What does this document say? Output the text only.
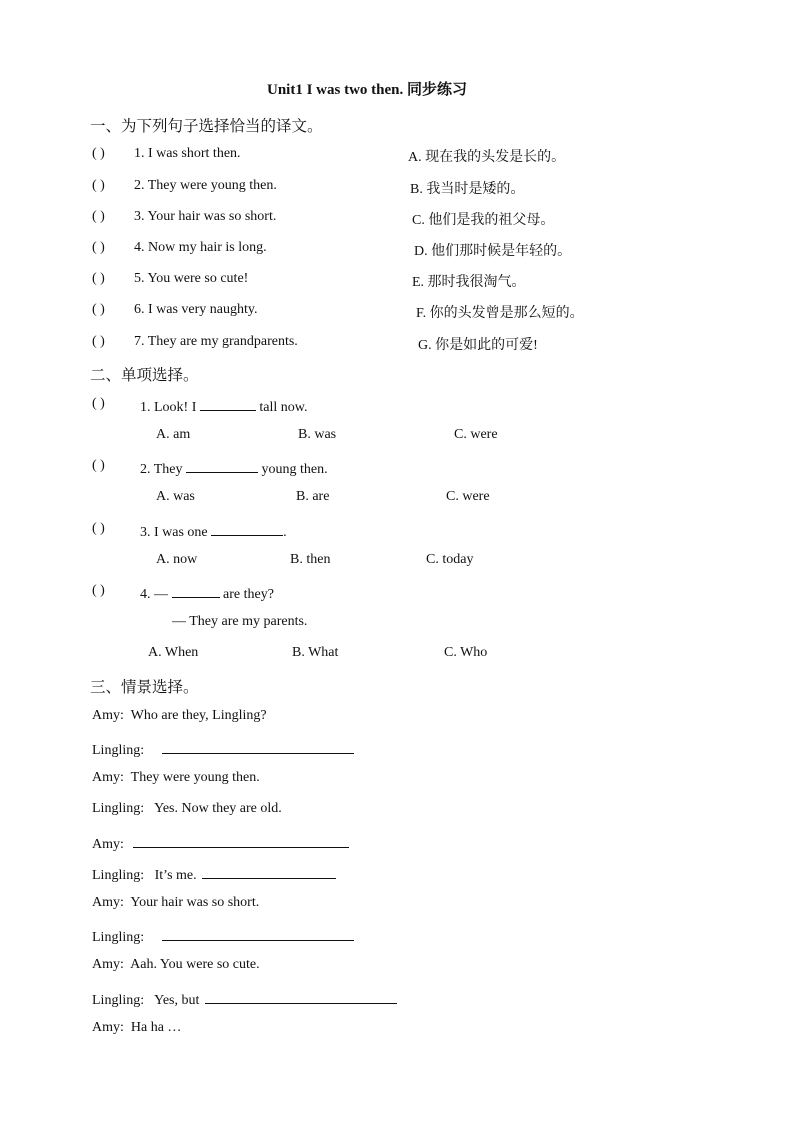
Unit1 I was two then. 同步练习
一、为下列句子选择恰当的译文。
( ) 1. I was short then.	A. 现在我的头发是长的。
( ) 2. They were young then.	B. 我当时是矮的。
( ) 3. Your hair was so short.	C. 他们是我的祖父母。
( ) 4. Now my hair is long.	D. 他们那时候是年轻的。
( ) 5. You were so cute!	E. 那时我很淘气。
( ) 6. I was very naughty.	F. 你的头发曾是那么短的。
( ) 7. They are my grandparents.	G. 你是如此的可爱!
二、单项选择。
( )	1. Look! I	tall now.
A. am	B. was	C. were
( )	2. They	young then.
A. was	B. are	C. were
( )	3. I was one	.
A. now	B. then	C. today
( )	4. —	are they?
— They are my parents.
A. When	B. What	C. Who
三、情景选择。
Amy: Who are they, Lingling?
Lingling:
Amy: They were young then.
Lingling: Yes. Now they are old.
Amy:
Lingling: It’s me.
Amy: Your hair was so short.
Lingling:
Amy: Aah. You were so cute.
Lingling: Yes, but
Amy: Ha ha …
